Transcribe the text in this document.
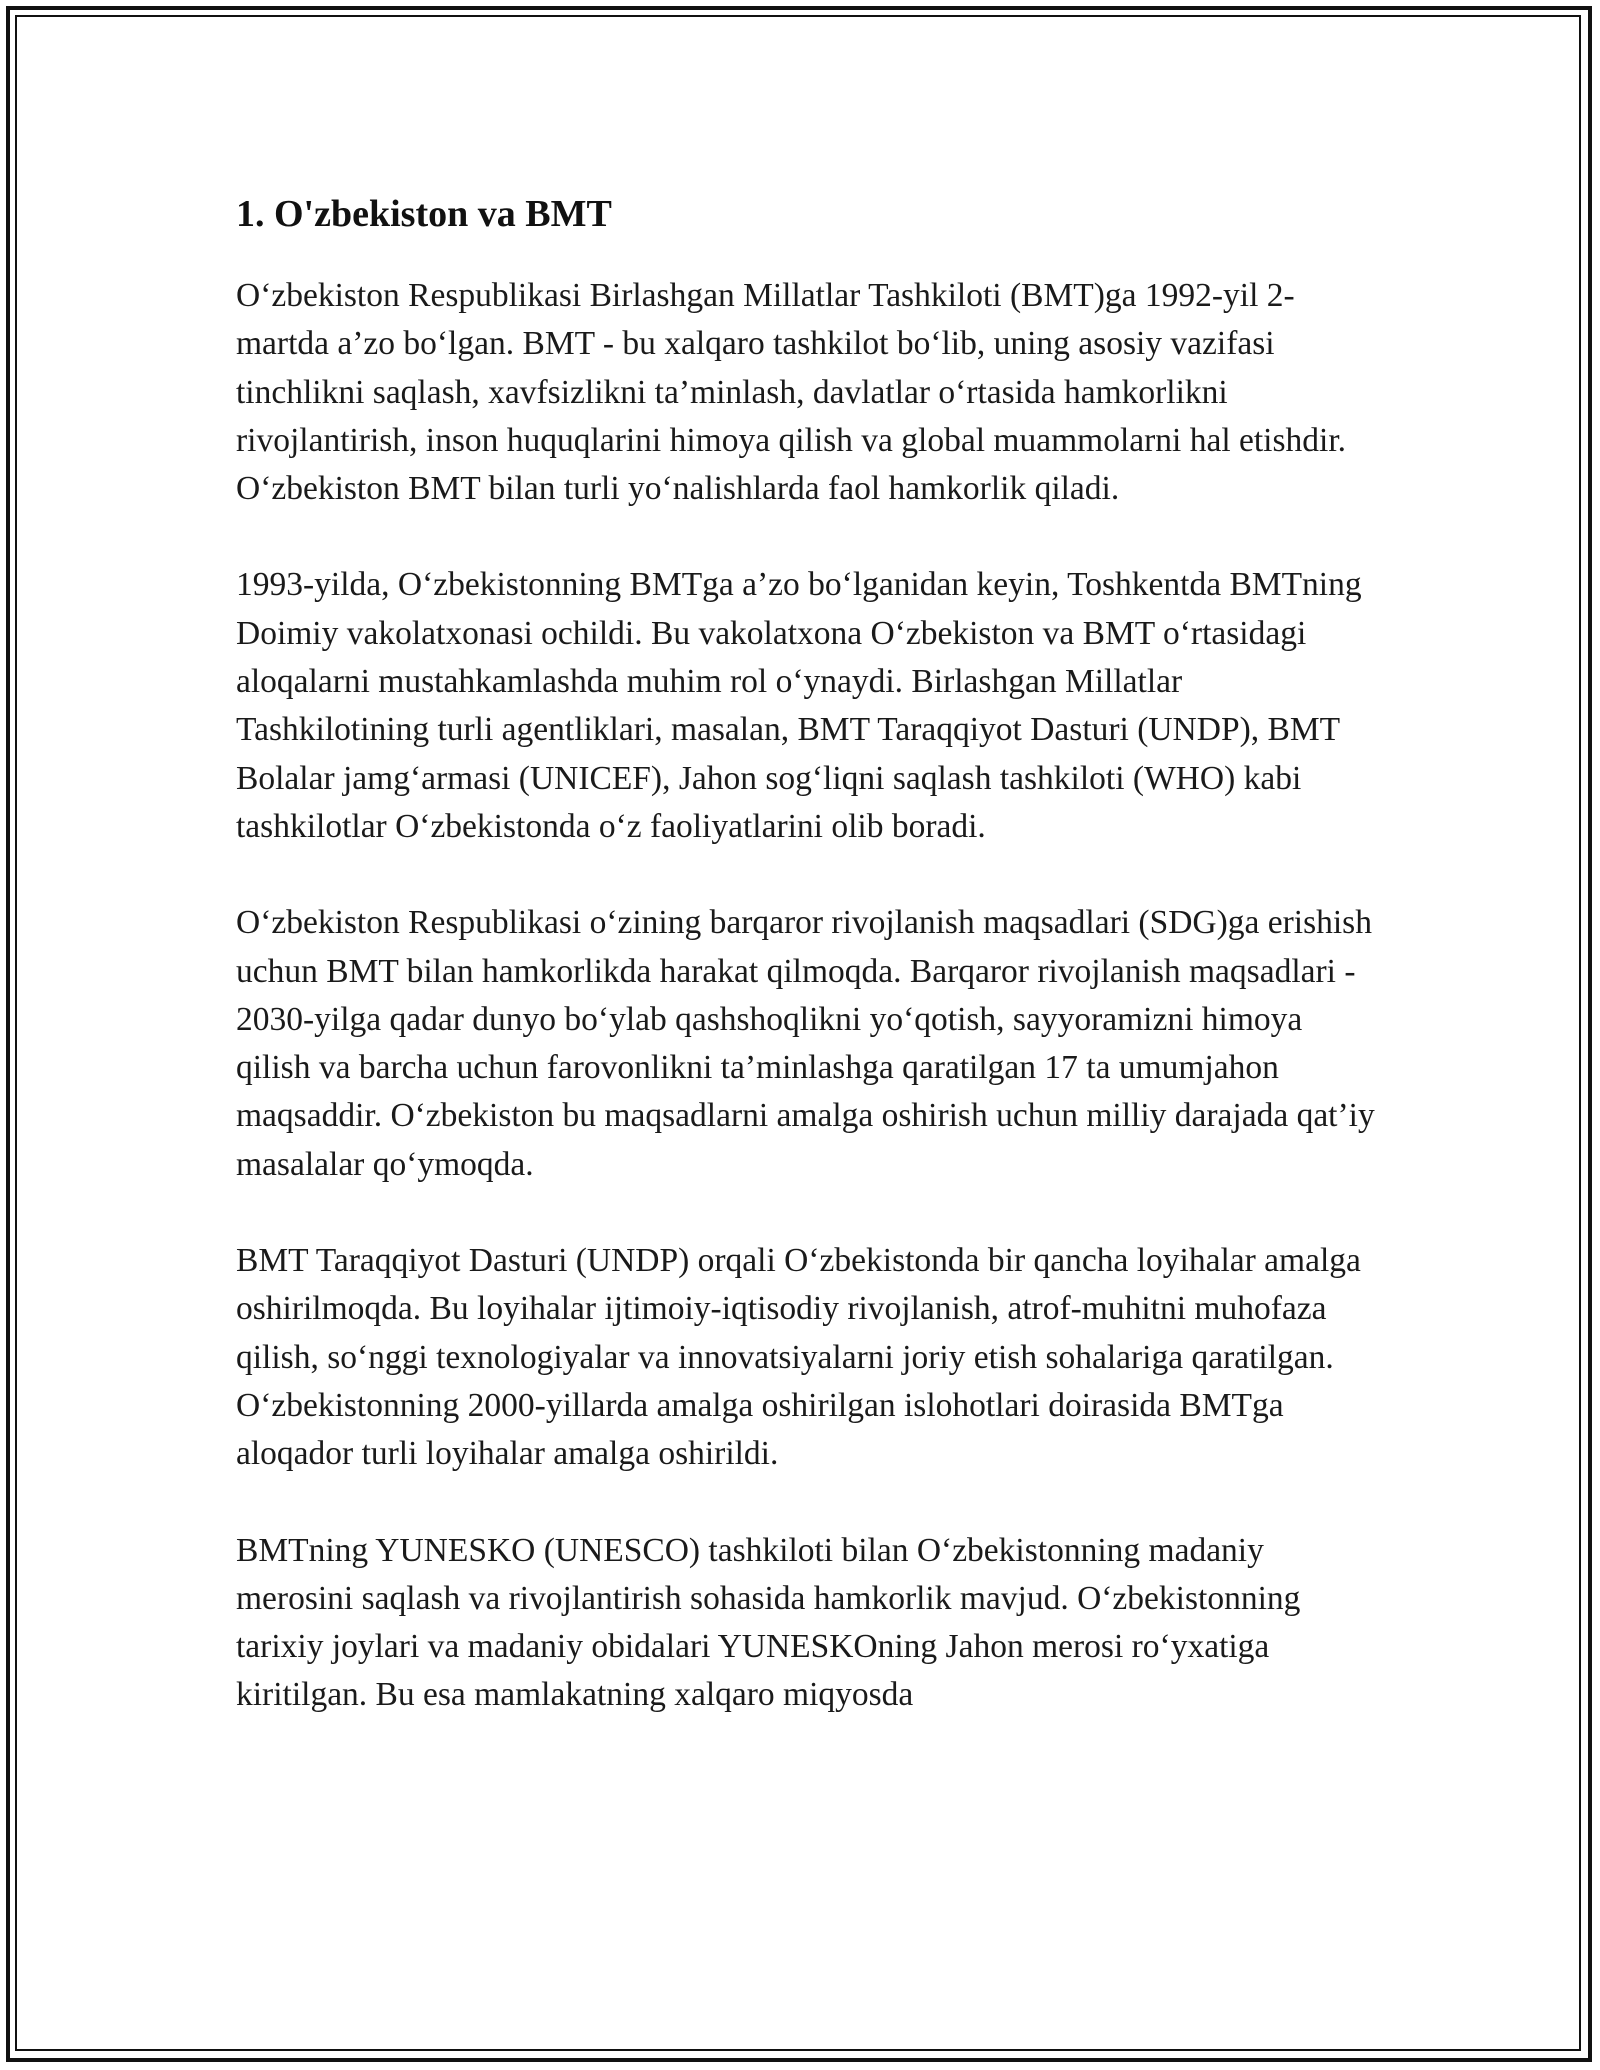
1. O'zbekiston va BMT

O‘zbekiston Respublikasi Birlashgan Millatlar Tashkiloti (BMT)ga 1992-yil 2-martda a’zo bo‘lgan. BMT - bu xalqaro tashkilot bo‘lib, uning asosiy vazifasi tinchlikni saqlash, xavfsizlikni ta’minlash, davlatlar o‘rtasida hamkorlikni rivojlantirish, inson huquqlarini himoya qilish va global muammolarni hal etishdir. O‘zbekiston BMT bilan turli yo‘nalishlarda faol hamkorlik qiladi.

1993-yilda, O‘zbekistonning BMTga a’zo bo‘lganidan keyin, Toshkentda BMTning Doimiy vakolatxonasi ochildi. Bu vakolatxona O‘zbekiston va BMT o‘rtasidagi aloqalarni mustahkamlashda muhim rol o‘ynaydi. Birlashgan Millatlar Tashkilotining turli agentliklari, masalan, BMT Taraqqiyot Dasturi (UNDP), BMT Bolalar jamg‘armasi (UNICEF), Jahon sog‘liqni saqlash tashkiloti (WHO) kabi tashkilotlar O‘zbekistonda o‘z faoliyatlarini olib boradi.

O‘zbekiston Respublikasi o‘zining barqaror rivojlanish maqsadlari (SDG)ga erishish uchun BMT bilan hamkorlikda harakat qilmoqda. Barqaror rivojlanish maqsadlari - 2030-yilga qadar dunyo bo‘ylab qashshoqlikni yo‘qotish, sayyoramizni himoya qilish va barcha uchun farovonlikni ta’minlashga qaratilgan 17 ta umumjahon maqsaddir. O‘zbekiston bu maqsadlarni amalga oshirish uchun milliy darajada qat’iy masalalar qo‘ymoqda.

BMT Taraqqiyot Dasturi (UNDP) orqali O‘zbekistonda bir qancha loyihalar amalga oshirilmoqda. Bu loyihalar ijtimoiy-iqtisodiy rivojlanish, atrof-muhitni muhofaza qilish, so‘nggi texnologiyalar va innovatsiyalarni joriy etish sohalariga qaratilgan. O‘zbekistonning 2000-yillarda amalga oshirilgan islohotlari doirasida BMTga aloqador turli loyihalar amalga oshirildi.

BMTning YUNESKO (UNESCO) tashkiloti bilan O‘zbekistonning madaniy merosini saqlash va rivojlantirish sohasida hamkorlik mavjud. O‘zbekistonning tarixiy joylari va madaniy obidalari YUNESKOning Jahon merosi ro‘yxatiga kiritilgan. Bu esa mamlakatning xalqaro miqyosda
